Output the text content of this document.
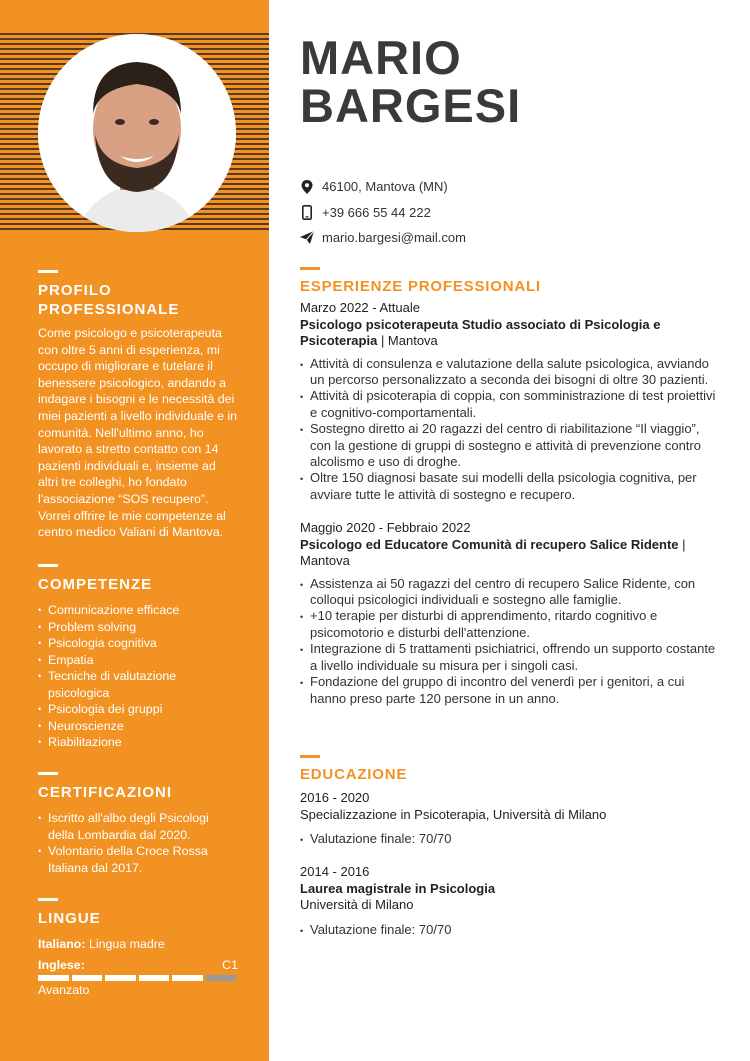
PROFILO
PROFESSIONALE

Come psicologo e psicoterapeuta con oltre 5 anni di esperienza, mi occupo di migliorare e tutelare il benessere psicologico, andando a indagare i bisogni e le necessità dei miei pazienti a livello individuale e in comunità. Nell'ultimo anno, ho lavorato a stretto contatto con 14 pazienti individuali e, insieme ad altri tre colleghi, ho fondato l'associazione “SOS recupero”. Vorrei offrire le mie competenze al centro medico Valiani di Mantova.

COMPETENZE
• Comunicazione efficace
• Problem solving
• Psicologia cognitiva
• Empatia
• Tecniche di valutazione psicologica
• Psicologia dei gruppi
• Neuroscienze
• Riabilitazione
CERTIFICAZIONI
• Iscritto all'albo degli Psicologi della Lombardia dal 2020.
• Volontario della Croce Rossa Italiana dal 2017.
LINGUE
Italiano: Lingua madre
Inglese:	C1
Avanzato
MARIO
BARGESI
46100, Mantova (MN)
+39 666 55 44 222
mario.bargesi@mail.com
ESPERIENZE PROFESSIONALI
Marzo 2022 - Attuale
Psicologo psicoterapeuta Studio associato di Psicologia e Psicoterapia | Mantova
• Attività di consulenza e valutazione della salute psicologica, avviando un percorso personalizzato a seconda dei bisogni di oltre 30 pazienti.
• Attività di psicoterapia di coppia, con somministrazione di test proiettivi e cognitivo-comportamentali.
• Sostegno diretto ai 20 ragazzi del centro di riabilitazione “Il viaggio”, con la gestione di gruppi di sostegno e attività di prevenzione contro alcolismo e uso di droghe.
• Oltre 150 diagnosi basate sui modelli della psicologia cognitiva, per avviare tutte le attività di sostegno e recupero.
Maggio 2020 - Febbraio 2022
Psicologo ed Educatore Comunità di recupero Salice Ridente | Mantova
• Assistenza ai 50 ragazzi del centro di recupero Salice Ridente, con colloqui psicologici individuali e sostegno alle famiglie.
• +10 terapie per disturbi di apprendimento, ritardo cognitivo e psicomotorio e disturbi dell'attenzione.
• Integrazione di 5 trattamenti psichiatrici, offrendo un supporto costante a livello individuale su misura per i singoli casi.
• Fondazione del gruppo di incontro del venerdì per i genitori, a cui hanno preso parte 120 persone in un anno.
EDUCAZIONE
2016 - 2020
Specializzazione in Psicoterapia, Università di Milano
• Valutazione finale: 70/70
2014 - 2016
Laurea magistrale in Psicologia
Università di Milano
• Valutazione finale: 70/70
